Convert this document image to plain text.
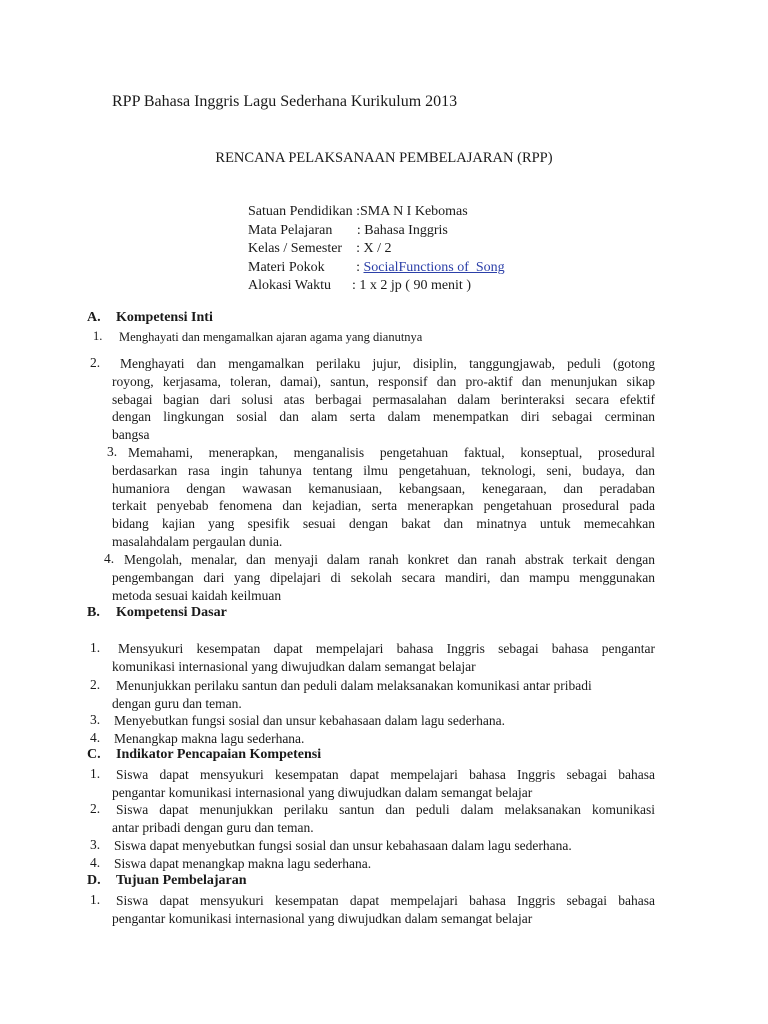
RPP Bahasa Inggris Lagu Sederhana Kurikulum 2013
RENCANA PELAKSANAAN PEMBELAJARAN (RPP)
Satuan Pendidikan : SMA N I Kebomas
Mata Pelajaran       : Bahasa Inggris
Kelas / Semester    : X / 2
Materi Pokok         : SocialFunctions of  Song
Alokasi Waktu      : 1 x 2 jp ( 90 menit )
A. Kompetensi Inti
1. Menghayati dan mengamalkan ajaran agama yang dianutnya
2.	Menghayati dan mengamalkan perilaku jujur, disiplin, tanggungjawab, peduli (gotong
royong, kerjasama, toleran, damai), santun, responsif dan pro-aktif dan menunjukan sikap
sebagai bagian dari solusi atas berbagai permasalahan dalam berinteraksi secara efektif
dengan lingkungan sosial dan alam serta dalam menempatkan diri sebagai cerminan
bangsa
3. Memahami, menerapkan, menganalisis pengetahuan faktual, konseptual, prosedural
berdasarkan rasa ingin tahunya tentang ilmu pengetahuan, teknologi, seni, budaya, dan
humaniora dengan wawasan kemanusiaan, kebangsaan, kenegaraan, dan peradaban
terkait penyebab fenomena dan kejadian, serta menerapkan pengetahuan prosedural pada
bidang kajian yang spesifik sesuai dengan bakat dan minatnya untuk memecahkan
masalahdalam pergaulan dunia.
4. Mengolah, menalar, dan menyaji dalam ranah konkret dan ranah abstrak terkait dengan
pengembangan dari yang dipelajari di sekolah secara mandiri, dan mampu menggunakan
metoda sesuai kaidah keilmuan
B. Kompetensi Dasar
1.	Mensyukuri kesempatan dapat mempelajari bahasa Inggris sebagai bahasa pengantar
komunikasi internasional yang diwujudkan dalam semangat belajar
2. Menunjukkan perilaku santun dan peduli dalam melaksanakan komunikasi antar pribadi
dengan guru dan teman.
3. Menyebutkan fungsi sosial dan unsur kebahasaan dalam lagu sederhana.
4. Menangkap makna lagu sederhana.
C. Indikator Pencapaian Kompetensi
1. Siswa dapat mensyukuri kesempatan dapat mempelajari bahasa Inggris sebagai bahasa
pengantar komunikasi internasional yang diwujudkan dalam semangat belajar
2. Siswa dapat menunjukkan perilaku santun dan peduli dalam melaksanakan komunikasi
antar pribadi dengan guru dan teman.
3. Siswa dapat menyebutkan fungsi sosial dan unsur kebahasaan dalam lagu sederhana.
4. Siswa dapat menangkap makna lagu sederhana.
D. Tujuan Pembelajaran
1. Siswa dapat mensyukuri kesempatan dapat mempelajari bahasa Inggris sebagai bahasa
pengantar komunikasi internasional yang diwujudkan dalam semangat belajar
